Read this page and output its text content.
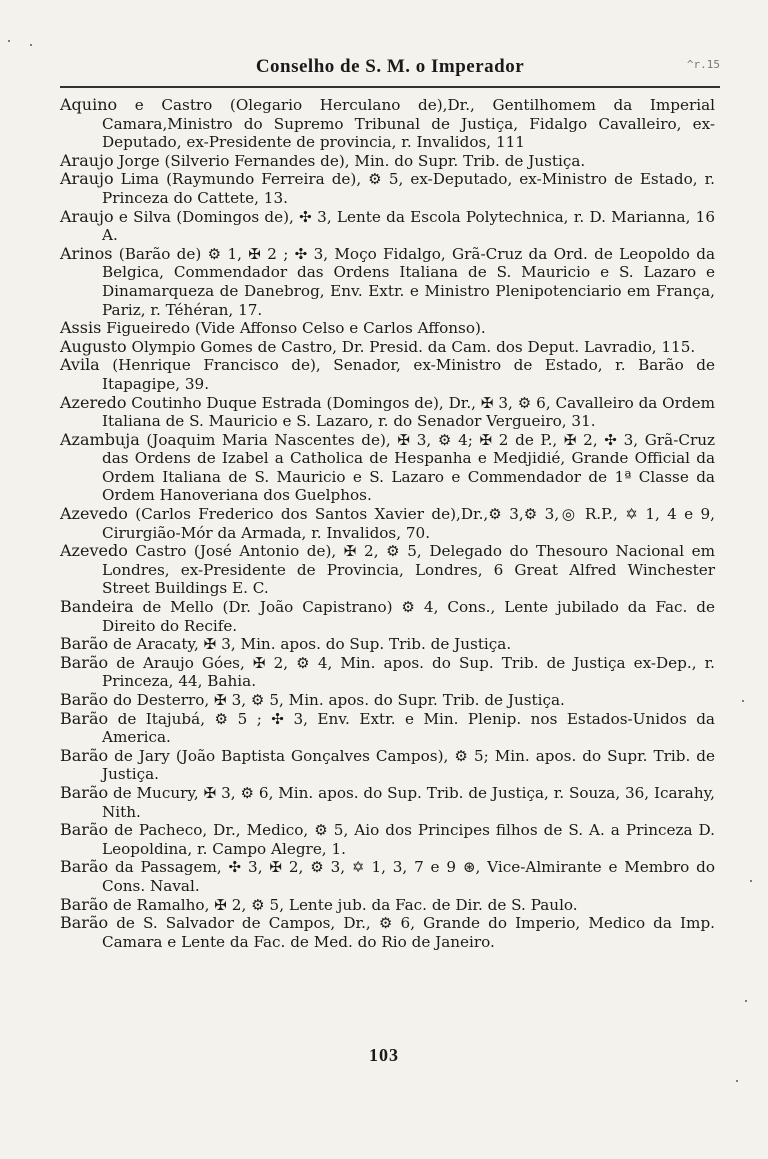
Conselho de S. M. o Imperador	^r.15

Aquino e Castro (Olegario Herculano de),Dr., Gentilhomem da Imperial Camara,Ministro do Supremo Tribunal de Justiça, Fidalgo Cavalleiro, ex-Deputado, ex-Presidente de provincia, r. Invalidos, 111

Araujo Jorge (Silverio Fernandes de), Min. do Supr. Trib. de Justiça.

Araujo Lima (Raymundo Ferreira de), ⚙ 5, ex-Deputado, ex-Ministro de Estado, r. Princeza do Cattete, 13.

Araujo e Silva (Domingos de), ✣ 3, Lente da Escola Polytechnica, r. D. Marianna, 16 A.

Arinos (Barão de) ⚙ 1, ✠ 2 ; ✣ 3, Moço Fidalgo, Grã-Cruz da Ord. de Leopoldo da Belgica, Commendador das Ordens Italiana de S. Mauricio e S. Lazaro e Dinamarqueza de Danebrog, Env. Extr. e Ministro Plenipotenciario em França, Pariz, r. Téhéran, 17.

Assis Figueiredo (Vide Affonso Celso e Carlos Affonso).

Augusto Olympio Gomes de Castro, Dr. Presid. da Cam. dos Deput. Lavradio, 115.

Avila (Henrique Francisco de), Senador, ex-Ministro de Estado, r. Barão de Itapagipe, 39.

Azeredo Coutinho Duque Estrada (Domingos de), Dr., ✠ 3, ⚙ 6, Cavalleiro da Ordem Italiana de S. Mauricio e S. Lazaro, r. do Senador Vergueiro, 31.

Azambuja (Joaquim Maria Nascentes de), ✠ 3, ⚙ 4; ✠ 2 de P., ✠ 2, ✣ 3, Grã-Cruz das Ordens de Izabel a Catholica de Hespanha e Medjidié, Grande Official da Ordem Italiana de S. Mauricio e S. Lazaro e Commendador de 1ª Classe da Ordem Hanoveriana dos Guelphos.

Azevedo (Carlos Frederico dos Santos Xavier de),Dr.,⚙ 3,⚙ 3,◎ R.P., ✡ 1, 4 e 9, Cirurgião-Mór da Armada, r. Invalidos, 70.

Azevedo Castro (José Antonio de), ✠ 2, ⚙ 5, Delegado do Thesouro Nacional em Londres, ex-Presidente de Provincia, Londres, 6 Great Alfred Winchester Street Buildings E. C.

Bandeira de Mello (Dr. João Capistrano) ⚙ 4, Cons., Lente jubilado da Fac. de Direito do Recife.

Barão de Aracaty, ✠ 3, Min. apos. do Sup. Trib. de Justiça.

Barão de Araujo Góes, ✠ 2, ⚙ 4, Min. apos. do Sup. Trib. de Justiça ex-Dep., r. Princeza, 44, Bahia.

Barão do Desterro, ✠ 3, ⚙ 5, Min. apos. do Supr. Trib. de Justiça.

Barão de Itajubá, ⚙ 5 ; ✣ 3, Env. Extr. e Min. Plenip. nos Estados-Unidos da America.

Barão de Jary (João Baptista Gonçalves Campos), ⚙ 5; Min. apos. do Supr. Trib. de Justiça.

Barão de Mucury, ✠ 3, ⚙ 6, Min. apos. do Sup. Trib. de Justiça, r. Souza, 36, Icarahy, Nith.

Barão de Pacheco, Dr., Medico, ⚙ 5, Aio dos Principes filhos de S. A. a Princeza D. Leopoldina, r. Campo Alegre, 1.

Barão da Passagem, ✣ 3, ✠ 2, ⚙ 3, ✡ 1, 3, 7 e 9 ⊛, Vice-Almirante e Membro do Cons. Naval.

Barão de Ramalho, ✠ 2, ⚙ 5, Lente jub. da Fac. de Dir. de S. Paulo.

Barão de S. Salvador de Campos, Dr., ⚙ 6, Grande do Imperio, Medico da Imp. Camara e Lente da Fac. de Med. do Rio de Janeiro.

103
